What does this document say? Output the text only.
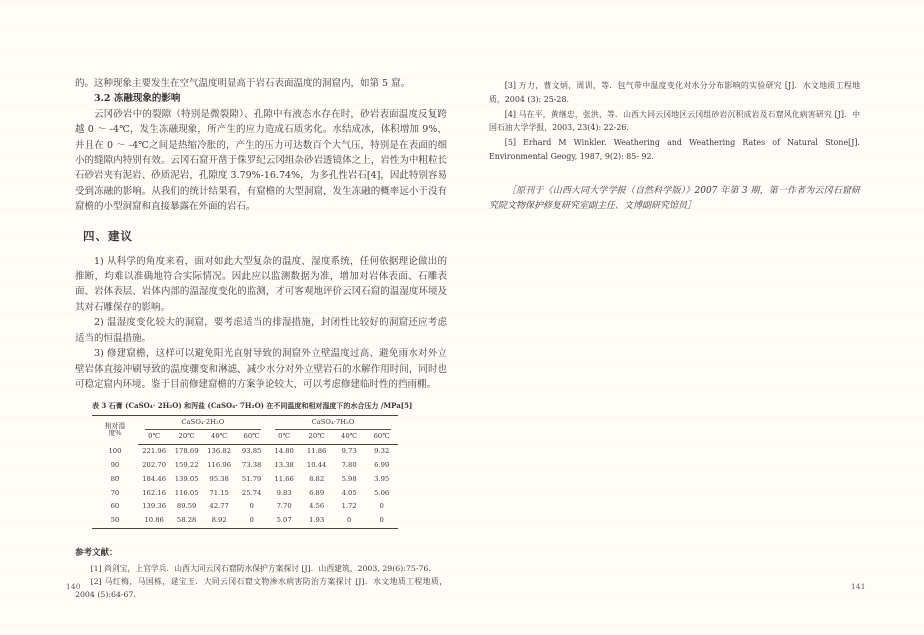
的。这种现象主要发生在空气温度明显高于岩石表面温度的洞窟内，如第 5 窟。

3.2 冻融现象的影响

云冈砂岩中的裂隙（特别是微裂隙）、孔隙中有液态水存在时，砂岩表面温度反复跨越 0 ～ -4℃，发生冻融现象，所产生的应力造成石质劣化。水结成冰，体积增加 9%，并且在 0 ～ -4℃之间是热缩冷胀的，产生的压力可达数百个大气压，特别是在表面的细小的缝隙内特别有效。云冈石窟开凿于侏罗纪云冈组杂砂岩透镜体之上，岩性为中粗粒长石砂岩夹有泥岩、砂质泥岩，孔隙度 3.79%-16.74%，为多孔性岩石[4]，因此特别容易受到冻融的影响。从我们的统计结果看，有窟檐的大型洞窟，发生冻融的概率远小于没有窟檐的小型洞窟和直接暴露在外面的岩石。

四、建议

1) 从科学的角度来看，面对如此大型复杂的温度、湿度系统，任何依据理论做出的推断，均难以准确地符合实际情况。因此应以监测数据为准，增加对岩体表面、石雕表面、岩体表层、岩体内部的温湿度变化的监测，才可客观地评价云冈石窟的温湿度环境及其对石雕保存的影响。

2) 温湿度变化较大的洞窟，要考虑适当的排湿措施，封闭性比较好的洞窟还应考虑适当的恒温措施。

3) 修建窟檐，这样可以避免阳光直射导致的洞窟外立壁温度过高、避免雨水对外立壁岩体直接冲刷导致的温度骤变和淋滤、减少水分对外立壁岩石的水解作用时间，同时也可稳定窟内环境。鉴于目前修建窟檐的方案争论较大，可以考虑修建临时性的挡雨棚。

表 3 石膏 (CaSO₄· 2H₂O) 和泻盐 (CaSO₄· 7H₂O) 在不同温度和相对湿度下的水合压力 /MPa[5]
相对湿
度%	CaSO₄·2H₂O				CaSO₄·7H₂O			

	0℃	20℃	40℃	60℃	0℃	20℃	40℃	60℃
100	221.96	178.69	136.82	93.85	14.80	11.86	9.73	9.32
90	202.70	159.22	116.96	73.38	13.38	10.44	7.80	6.99
80	184.46	139.05	95.38	51.79	11.66	8.82	5.98	3.95
70	162.16	116.05	71.15	25.74	9.83	6.89	4.05	5.06
60	139.36	89.59	42.77	0	7.70	4.56	1.72	0
50	10.86	58.28	8.92	0	5.07	1.93	0	0
参考文献：

[1] 尚剑宝，上官学兵．山西大同云冈石窟防水保护方案探讨 [J]．山西建筑，2003, 29(6):75-76.

[2] 马红梅，马国栋，逯宝玉．大同云冈石窟文物渗水病害防治方案探讨 [J]．水文地质工程地质，2004 (5):64-67.

[3] 万力，曹文炳，周训，等．包气带中温度变化对水分分布影响的实验研究 [J]．水文地质工程地质，2004 (3): 25-28.

[4] 马在平，黄继忠，张洪，等．山西大同云冈地区云冈组砂岩沉积成岩及石窟风化病害研究 [J]．中国石油大学学报，2003, 23(4): 22-26.

[5] Erhard M Winkler. Weathering and Weathering Rates of Natural Stone[J]. Environmental Geogy, 1987, 9(2): 85- 92.

［原刊于《山西大同大学学报（自然科学版）》2007 年第 3 期，第一作者为云冈石窟研究院文物保护修复研究室副主任、文博副研究馆员］

140	141
